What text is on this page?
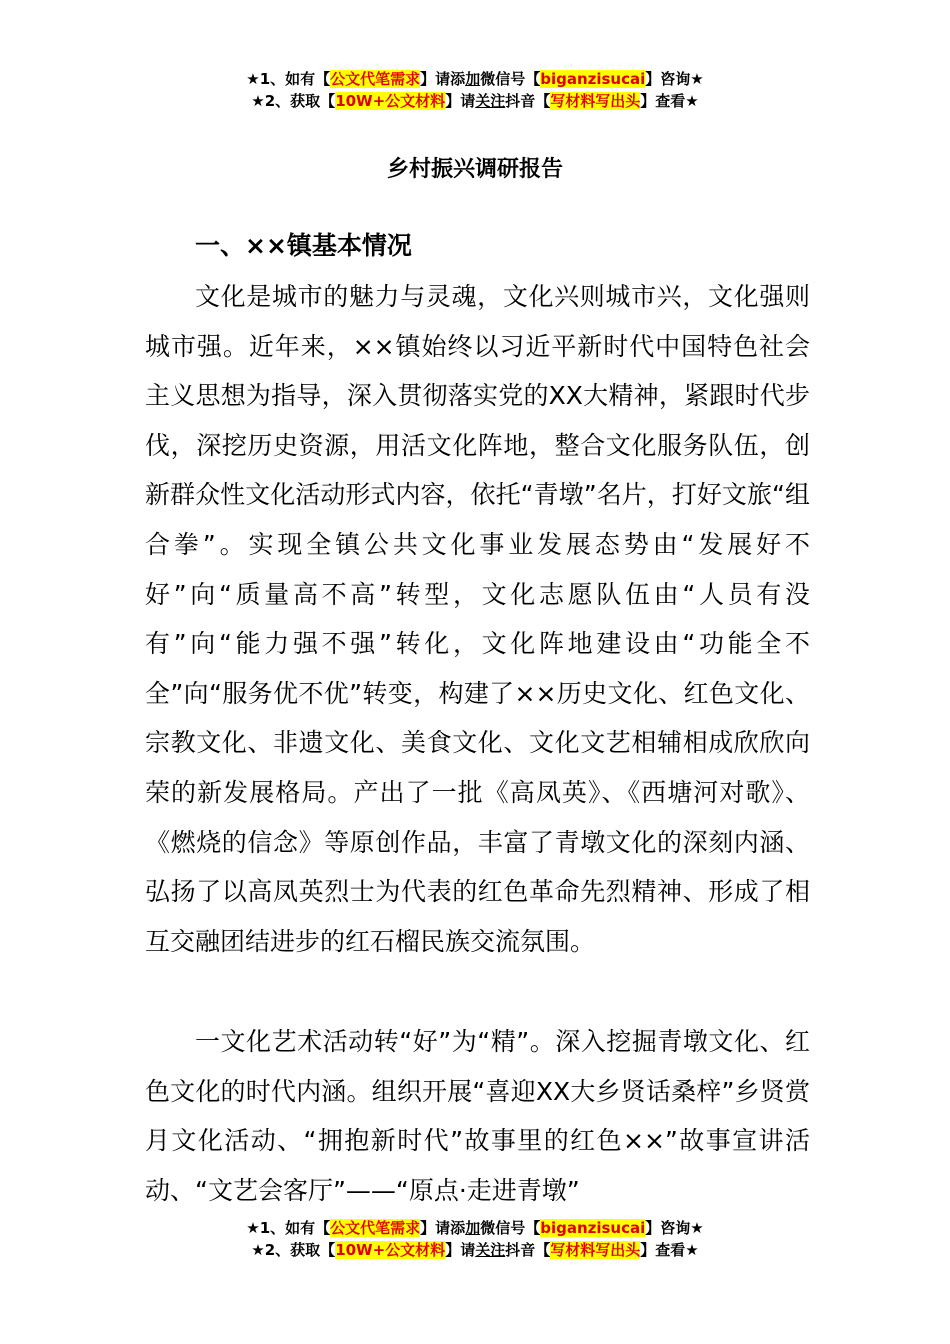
★1、如有【公文代笔需求】请添加微信号【biganzisucai】咨询★
★2、获取【10W+公文材料】请关注抖音【写材料写出头】查看★
乡村振兴调研报告
一、××镇基本情况

文化是城市的魅力与灵魂，文化兴则城市兴，文化强则城市强。近年来，××镇始终以习近平新时代中国特色社会主义思想为指导，深入贯彻落实党的XX大精神，紧跟时代步伐，深挖历史资源，用活文化阵地，整合文化服务队伍，创新群众性文化活动形式内容，依托“青墩”名片，打好文旅“组合拳”。实现全镇公共文化事业发展态势由“发展好不好”向“质量高不高”转型，文化志愿队伍由“人员有没有”向“能力强不强”转化，文化阵地建设由“功能全不全”向“服务优不优”转变，构建了××历史文化、红色文化、宗教文化、非遗文化、美食文化、文化文艺相辅相成欣欣向荣的新发展格局。产出了一批《高凤英》、《西塘河对歌》、《燃烧的信念》等原创作品，丰富了青墩文化的深刻内涵、弘扬了以高凤英烈士为代表的红色革命先烈精神、形成了相互交融团结进步的红石榴民族交流氛围。

一文化艺术活动转“好”为“精”。深入挖掘青墩文化、红色文化的时代内涵。组织开展“喜迎XX大乡贤话桑梓”乡贤赏月文化活动、“拥抱新时代”故事里的红色××”故事宣讲活动、“文艺会客厅”——“原点·走进青墩”

★1、如有【公文代笔需求】请添加微信号【biganzisucai】咨询★
★2、获取【10W+公文材料】请关注抖音【写材料写出头】查看★
